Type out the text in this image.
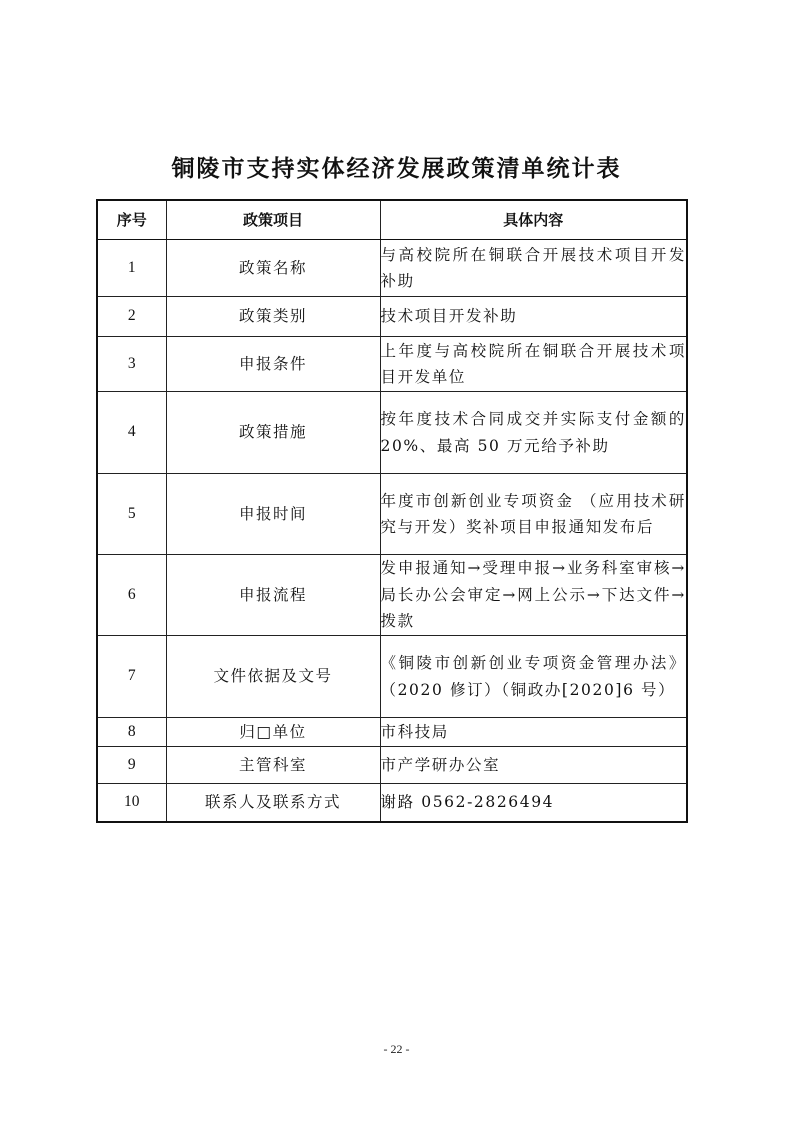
铜陵市支持实体经济发展政策清单统计表
序号	政策项目	具体内容
1	政策名称	与高校院所在铜联合开展技术项目开发补助
2	政策类别	技术项目开发补助
3	申报条件	上年度与高校院所在铜联合开展技术项目开发单位
4	政策措施	按年度技术合同成交并实际支付金额的 20%、最高 50 万元给予补助
5	申报时间	年度市创新创业专项资金 （应用技术研究与开发）奖补项目申报通知发布后
6	申报流程	发申报通知→受理申报→业务科室审核→局长办公会审定→网上公示→下达文件→拨款
7	文件依据及文号	《铜陵市创新创业专项资金管理办法》（2020 修订）（铜政办[2020]6 号）
8	归□单位	市科技局
9	主管科室	市产学研办公室
10	联系人及联系方式	谢路 0562-2826494
- 22 -
